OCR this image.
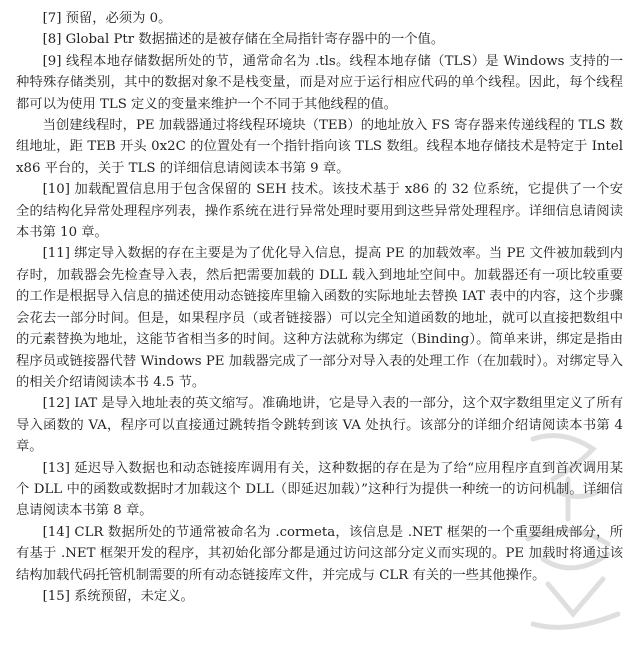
[7] 预留，必须为 0。

[8] Global Ptr 数据描述的是被存储在全局指针寄存器中的一个值。

[9] 线程本地存储数据所处的节，通常命名为 .tls。线程本地存储（TLS）是 Windows 支持的一种特殊存储类别，其中的数据对象不是栈变量，而是对应于运行相应代码的单个线程。因此，每个线程都可以为使用 TLS 定义的变量来维护一个不同于其他线程的值。

当创建线程时，PE 加载器通过将线程环境块（TEB）的地址放入 FS 寄存器来传递线程的 TLS 数组地址，距 TEB 开头 0x2C 的位置处有一个指针指向该 TLS 数组。线程本地存储技术是特定于 Intel x86 平台的，关于 TLS 的详细信息请阅读本书第 9 章。

[10] 加载配置信息用于包含保留的 SEH 技术。该技术基于 x86 的 32 位系统，它提供了一个安全的结构化异常处理程序列表，操作系统在进行异常处理时要用到这些异常处理程序。详细信息请阅读本书第 10 章。

[11] 绑定导入数据的存在主要是为了优化导入信息，提高 PE 的加载效率。当 PE 文件被加载到内存时，加载器会先检查导入表，然后把需要加载的 DLL 载入到地址空间中。加载器还有一项比较重要的工作是根据导入信息的描述使用动态链接库里输入函数的实际地址去替换 IAT 表中的内容，这个步骤会花去一部分时间。但是，如果程序员（或者链接器）可以完全知道函数的地址，就可以直接把数组中的元素替换为地址，这能节省相当多的时间。这种方法就称为绑定（Binding）。简单来讲，绑定是指由程序员或链接器代替 Windows PE 加载器完成了一部分对导入表的处理工作（在加载时）。对绑定导入的相关介绍请阅读本书 4.5 节。

[12] IAT 是导入地址表的英文缩写。准确地讲，它是导入表的一部分，这个双字数组里定义了所有导入函数的 VA，程序可以直接通过跳转指令跳转到该 VA 处执行。该部分的详细介绍请阅读本书第 4 章。

[13] 延迟导入数据也和动态链接库调用有关，这种数据的存在是为了给“应用程序直到首次调用某个 DLL 中的函数或数据时才加载这个 DLL（即延迟加载）”这种行为提供一种统一的访问机制。详细信息请阅读本书第 8 章。

[14] CLR 数据所处的节通常被命名为 .cormeta，该信息是 .NET 框架的一个重要组成部分，所有基于 .NET 框架开发的程序，其初始化部分都是通过访问这部分定义而实现的。PE 加载时将通过该结构加载代码托管机制需要的所有动态链接库文件，并完成与 CLR 有关的一些其他操作。

[15] 系统预留，未定义。
